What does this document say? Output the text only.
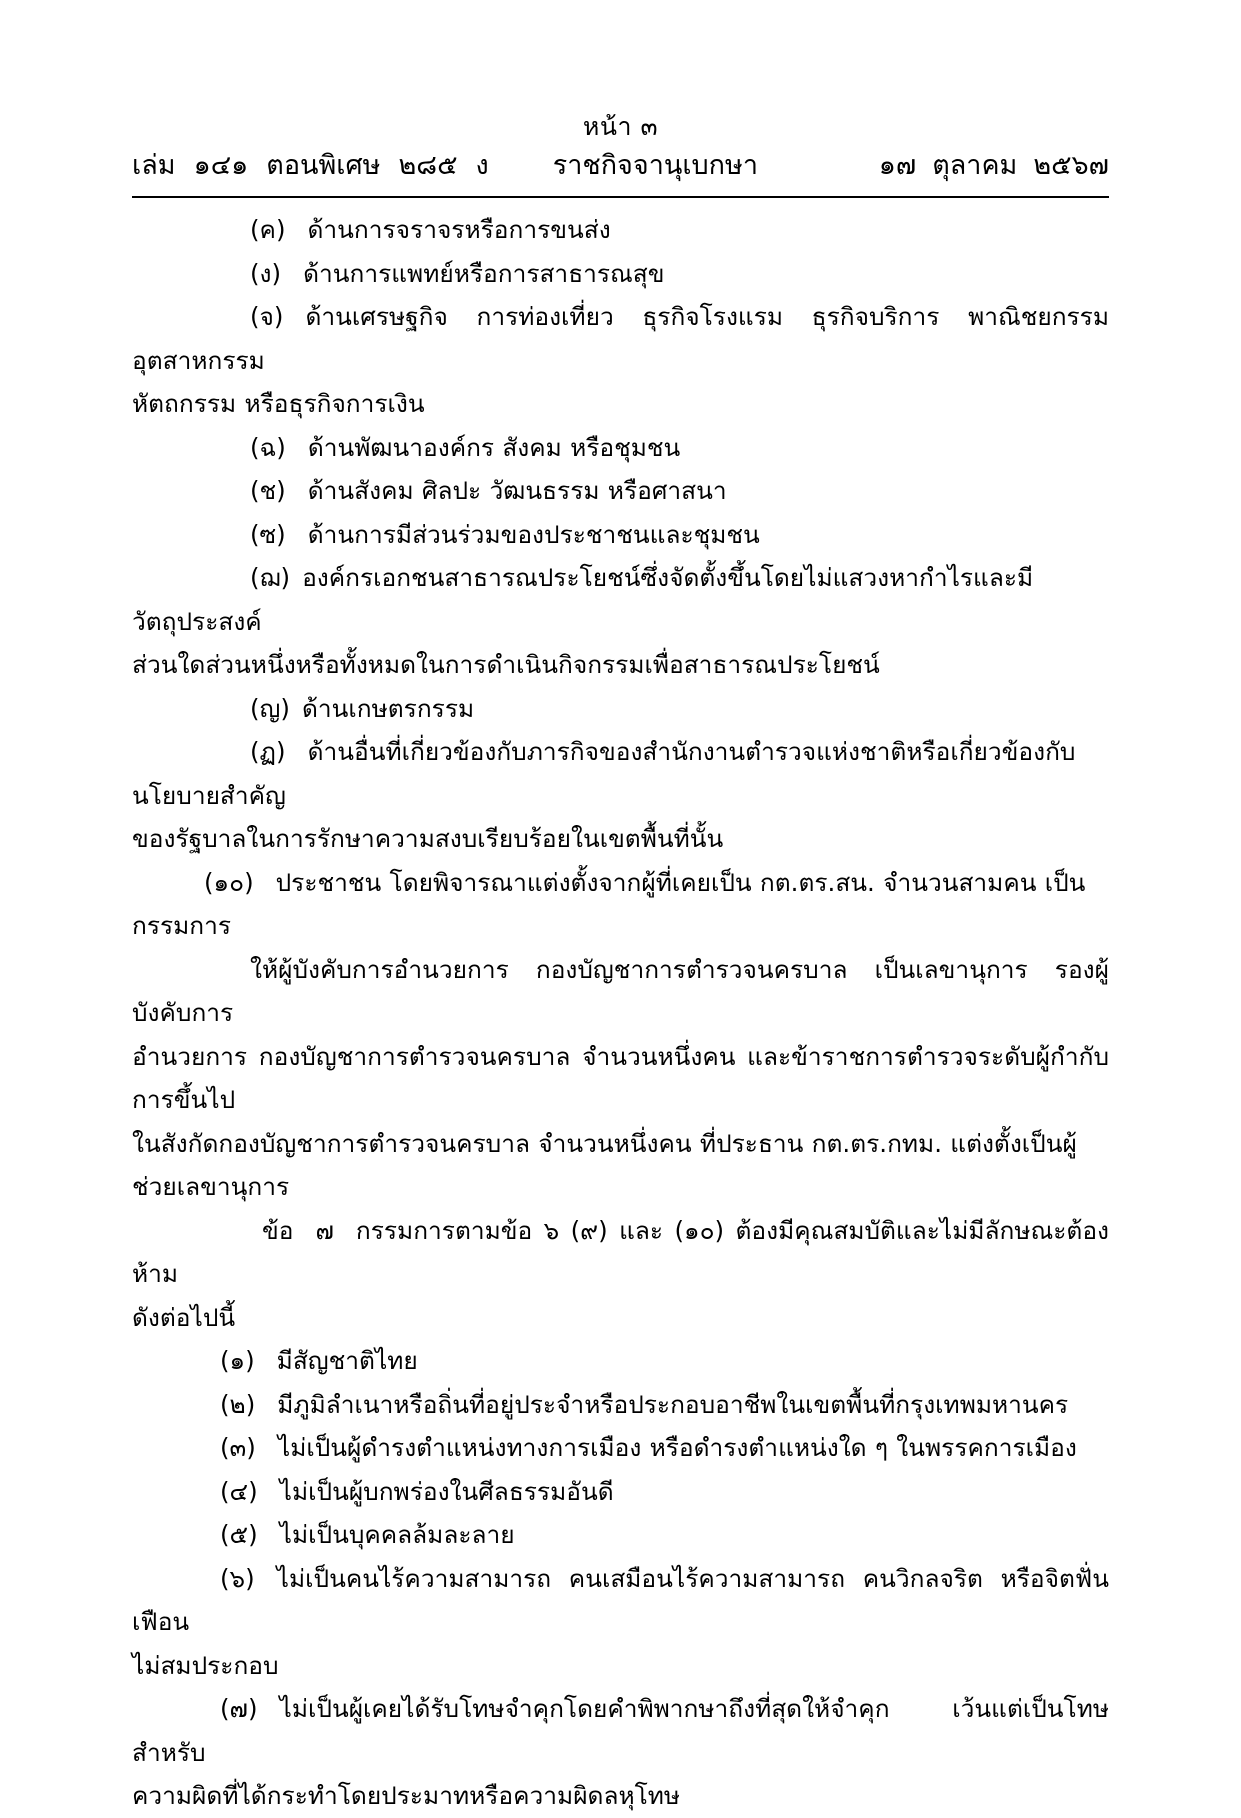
หน้า ๓
เล่ม ๑๔๑ ตอนพิเศษ ๒๘๕ ง	ราชกิจจานุเบกษา	๑๗ ตุลาคม ๒๕๖๗

(ค) ด้านการจราจรหรือการขนส่ง

(ง) ด้านการแพทย์หรือการสาธารณสุข

(จ) ด้านเศรษฐกิจ การท่องเที่ยว ธุรกิจโรงแรม ธุรกิจบริการ พาณิชยกรรม อุตสาหกรรม

หัตถกรรม หรือธุรกิจการเงิน

(ฉ) ด้านพัฒนาองค์กร สังคม หรือชุมชน

(ช) ด้านสังคม ศิลปะ วัฒนธรรม หรือศาสนา

(ซ) ด้านการมีส่วนร่วมของประชาชนและชุมชน

(ฌ) องค์กรเอกชนสาธารณประโยชน์ซึ่งจัดตั้งขึ้นโดยไม่แสวงหากำไรและมีวัตถุประสงค์

ส่วนใดส่วนหนึ่งหรือทั้งหมดในการดำเนินกิจกรรมเพื่อสาธารณประโยชน์

(ญ) ด้านเกษตรกรรม

(ฏ) ด้านอื่นที่เกี่ยวข้องกับภารกิจของสำนักงานตำรวจแห่งชาติหรือเกี่ยวข้องกับนโยบายสำคัญ

ของรัฐบาลในการรักษาความสงบเรียบร้อยในเขตพื้นที่นั้น

(๑๐) ประชาชน โดยพิจารณาแต่งตั้งจากผู้ที่เคยเป็น กต.ตร.สน. จำนวนสามคน เป็นกรรมการ

ให้ผู้บังคับการอำนวยการ กองบัญชาการตำรวจนครบาล เป็นเลขานุการ รองผู้บังคับการ

อำนวยการ กองบัญชาการตำรวจนครบาล จำนวนหนึ่งคน และข้าราชการตำรวจระดับผู้กำกับการขึ้นไป

ในสังกัดกองบัญชาการตำรวจนครบาล จำนวนหนึ่งคน ที่ประธาน กต.ตร.กทม. แต่งตั้งเป็นผู้ช่วยเลขานุการ

ข้อ ๗ กรรมการตามข้อ ๖ (๙) และ (๑๐) ต้องมีคุณสมบัติและไม่มีลักษณะต้องห้าม

ดังต่อไปนี้

(๑) มีสัญชาติไทย

(๒) มีภูมิลำเนาหรือถิ่นที่อยู่ประจำหรือประกอบอาชีพในเขตพื้นที่กรุงเทพมหานคร

(๓) ไม่เป็นผู้ดำรงตำแหน่งทางการเมือง หรือดำรงตำแหน่งใด ๆ ในพรรคการเมือง

(๔) ไม่เป็นผู้บกพร่องในศีลธรรมอันดี

(๕) ไม่เป็นบุคคลล้มละลาย

(๖) ไม่เป็นคนไร้ความสามารถ คนเสมือนไร้ความสามารถ คนวิกลจริต หรือจิตฟั่นเฟือน

ไม่สมประกอบ

(๗) ไม่เป็นผู้เคยได้รับโทษจำคุกโดยคำพิพากษาถึงที่สุดให้จำคุก เว้นแต่เป็นโทษสำหรับ

ความผิดที่ได้กระทำโดยประมาทหรือความผิดลหุโทษ
